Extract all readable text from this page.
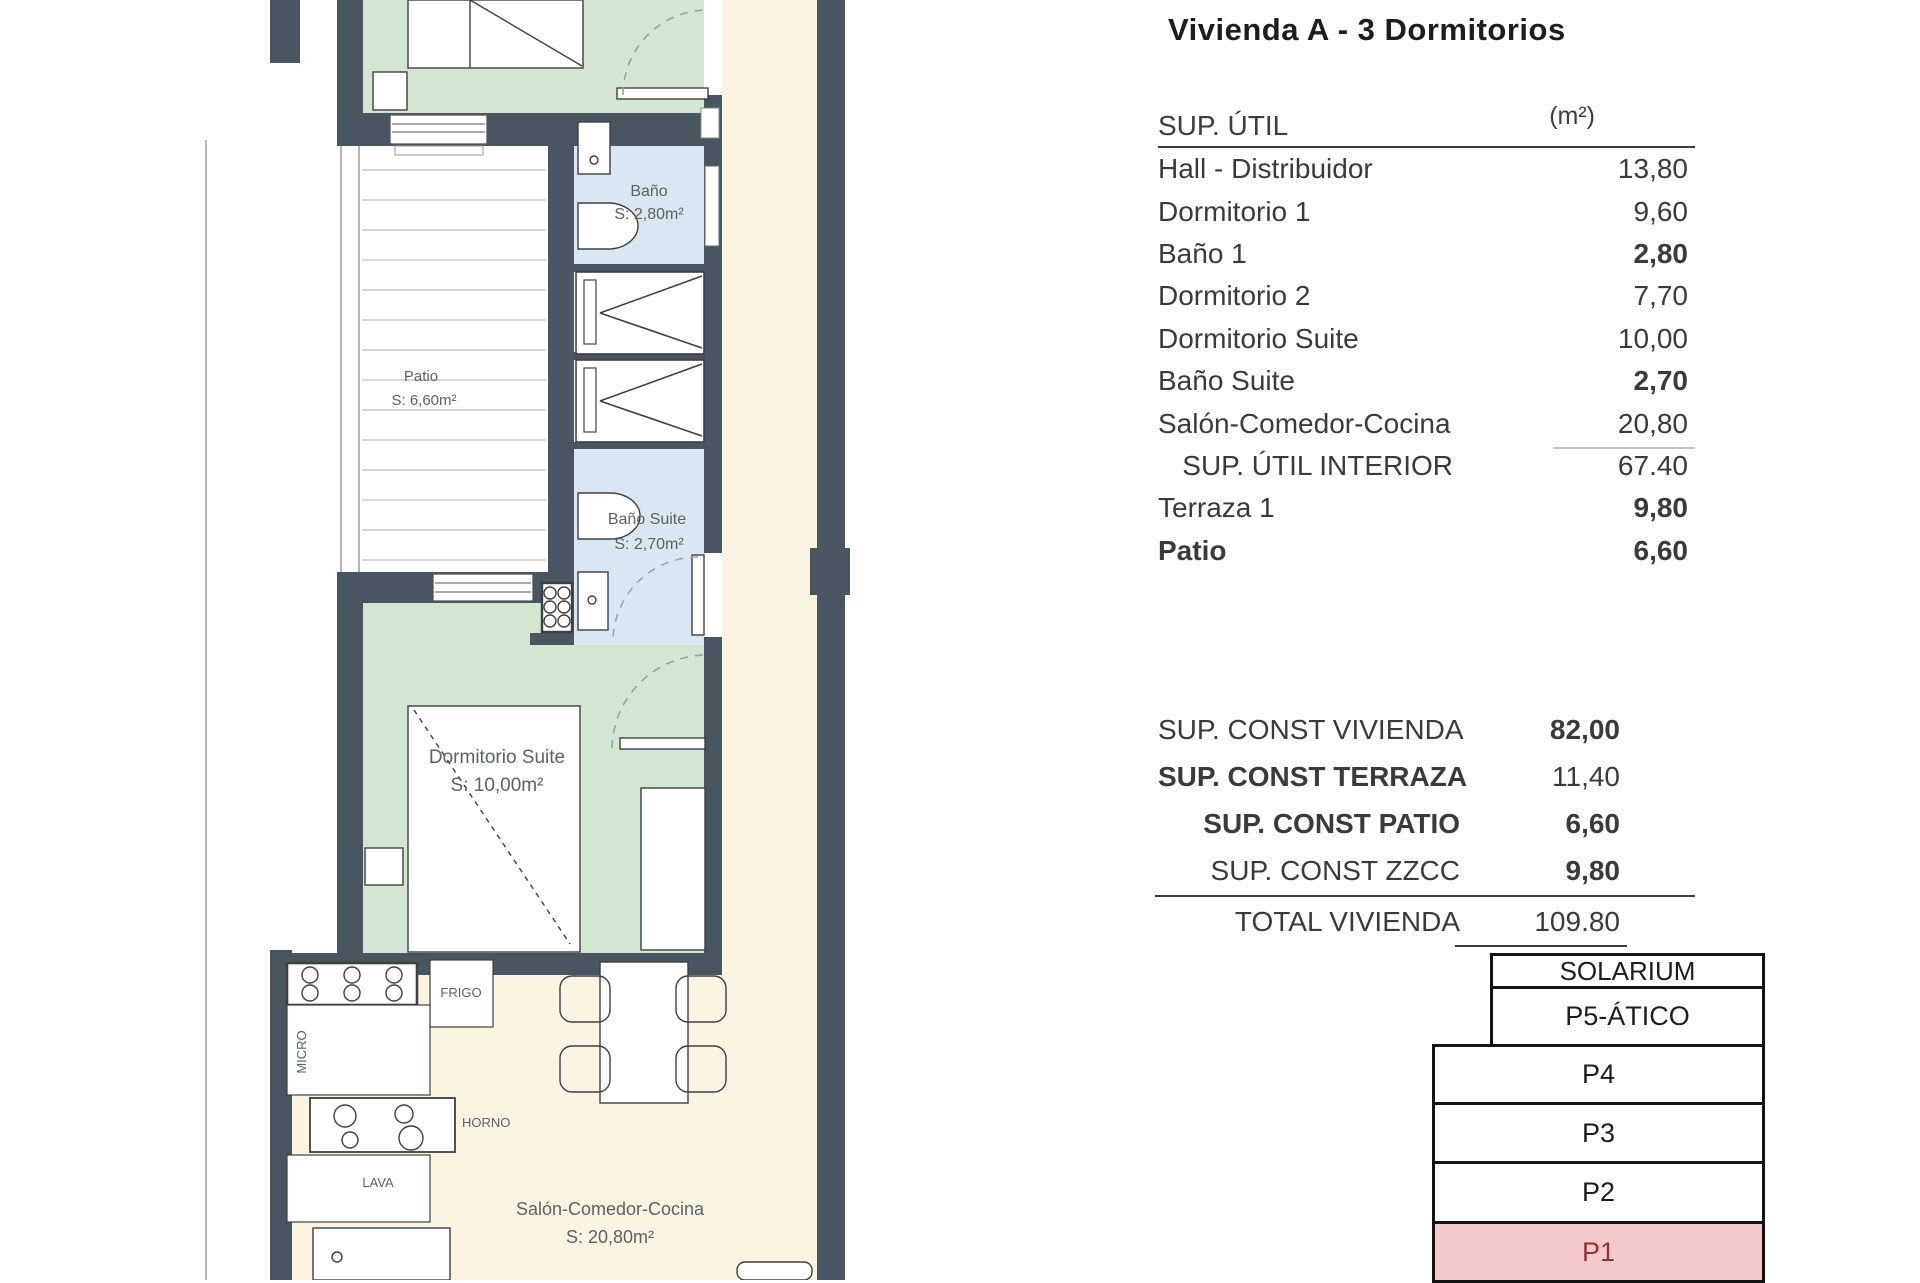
Baño
S: 2,80m²
Patio
S: 6,60m²
Baño Suite
S: 2,70m²
Dormitorio Suite
S: 10,00m²
Salón-Comedor-Cocina
S: 20,80m²
FRIGO
MICRO
HORNO
LAVA
Vivienda A - 3 Dormitorios
SUP. ÚTIL	(m²)
Hall - Distribuidor	13,80
Dormitorio 1	9,60
Baño 1	2,80
Dormitorio 2	7,70
Dormitorio Suite	10,00
Baño Suite	2,70
Salón-Comedor-Cocina	20,80
SUP. ÚTIL INTERIOR	67.40
Terraza 1	9,80
Patio	6,60
SUP. CONST VIVIENDA	82,00
SUP. CONST TERRAZA	11,40
SUP. CONST PATIO	6,60
SUP. CONST ZZCC	9,80
TOTAL VIVIENDA	109.80
SOLARIUM
P5-ÁTICO
P4
P3
P2
P1
